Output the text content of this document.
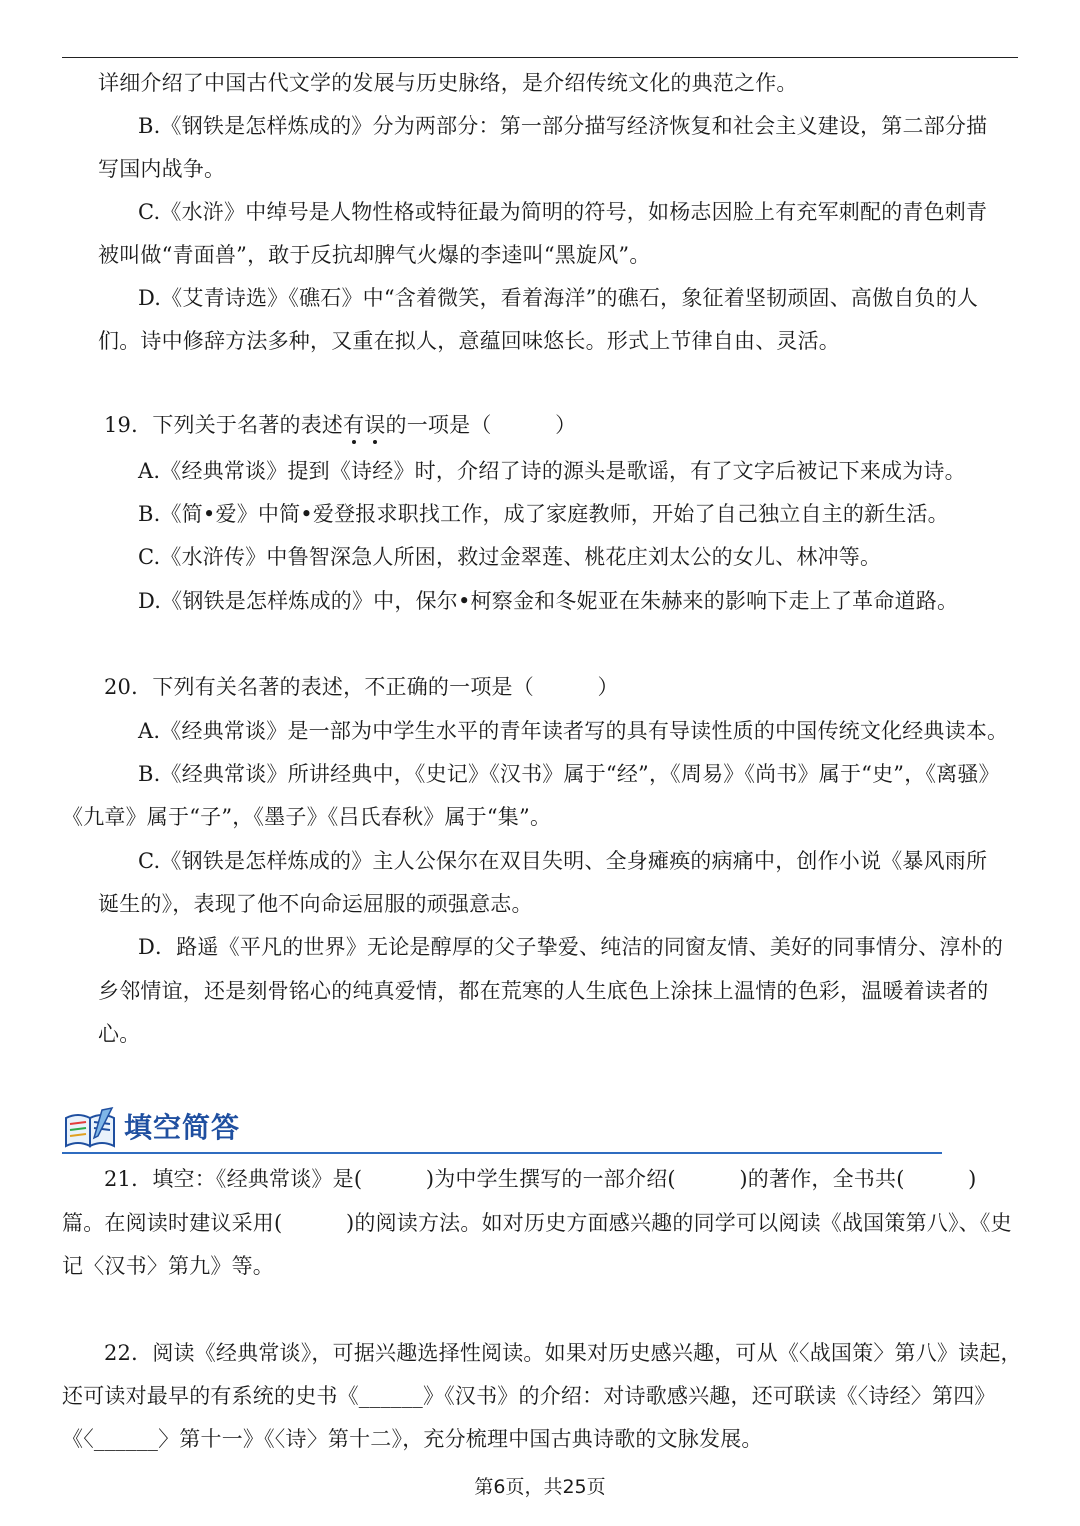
详细介绍了中国古代文学的发展与历史脉络，是介绍传统文化的典范之作。
B.《钢铁是怎样炼成的》分为两部分：第一部分描写经济恢复和社会主义建设，第二部分描
写国内战争。
C.《水浒》中绰号是人物性格或特征最为简明的符号，如杨志因脸上有充军刺配的青色刺青
被叫做“青面兽”，敢于反抗却脾气火爆的李逵叫“黑旋风”。
D.《艾青诗选》《礁石》中“含着微笑，看着海洋”的礁石，象征着坚韧顽固、高傲自负的人
们。诗中修辞方法多种，又重在拟人，意蕴回味悠长。形式上节律自由、灵活。
19．下列关于名著的表述有误的一项是（　　　）
A.《经典常谈》提到《诗经》时，介绍了诗的源头是歌谣，有了文字后被记下来成为诗。
B.《简•爱》中简•爱登报求职找工作，成了家庭教师，开始了自己独立自主的新生活。
C.《水浒传》中鲁智深急人所困，救过金翠莲、桃花庄刘太公的女儿、林冲等。
D.《钢铁是怎样炼成的》中，保尔•柯察金和冬妮亚在朱赫来的影响下走上了革命道路。
20．下列有关名著的表述，不正确的一项是（　　　）
A.《经典常谈》是一部为中学生水平的青年读者写的具有导读性质的中国传统文化经典读本。
B.《经典常谈》所讲经典中，《史记》《汉书》属于“经”，《周易》《尚书》属于“史”，《离骚》
《九章》属于“子”，《墨子》《吕氏春秋》属于“集”。
C.《钢铁是怎样炼成的》主人公保尔在双目失明、全身瘫痪的病痛中，创作小说《暴风雨所
诞生的》，表现了他不向命运屈服的顽强意志。
D．路遥《平凡的世界》无论是醇厚的父子挚爱、纯洁的同窗友情、美好的同事情分、淳朴的
乡邻情谊，还是刻骨铭心的纯真爱情，都在荒寒的人生底色上涂抹上温情的色彩，温暖着读者的
心。
填空简答
21．填空：《经典常谈》是(　　　)为中学生撰写的一部介绍(　　　)的著作，全书共(　　　)
篇。在阅读时建议采用(　　　)的阅读方法。如对历史方面感兴趣的同学可以阅读《战国策第八》、《史
记〈汉书〉第九》等。
22．阅读《经典常谈》，可据兴趣选择性阅读。如果对历史感兴趣，可从《〈战国策〉第八》读起，
还可读对最早的有系统的史书《______》《汉书》的介绍：对诗歌感兴趣，还可联读《〈诗经〉第四》
《〈______〉第十一》《〈诗〉第十二》，充分梳理中国古典诗歌的文脉发展。
第6页，共25页
